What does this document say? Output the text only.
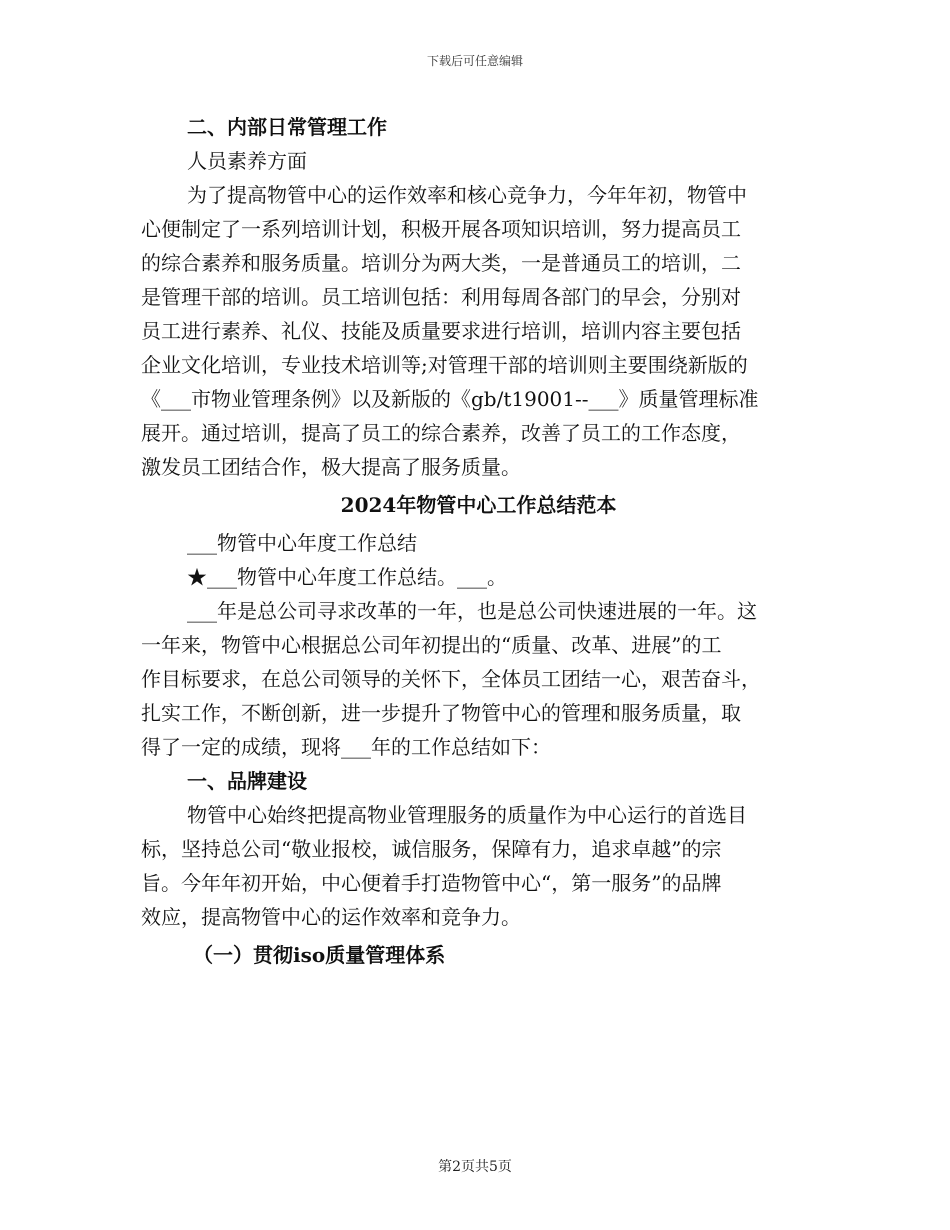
下载后可任意编辑
二、内部日常管理工作
人员素养方面
为了提高物管中心的运作效率和核心竞争力，今年年初，物管中
心便制定了一系列培训计划，积极开展各项知识培训，努力提高员工
的综合素养和服务质量。培训分为两大类，一是普通员工的培训，二
是管理干部的培训。员工培训包括：利用每周各部门的早会，分别对
员工进行素养、礼仪、技能及质量要求进行培训，培训内容主要包括
企业文化培训，专业技术培训等;对管理干部的培训则主要围绕新版的
《___市物业管理条例》以及新版的《gb/t19001--___》质量管理标准
展开。通过培训，提高了员工的综合素养，改善了员工的工作态度，
激发员工团结合作，极大提高了服务质量。
2024年物管中心工作总结范本
___物管中心年度工作总结
★___物管中心年度工作总结。___。
___年是总公司寻求改革的一年，也是总公司快速进展的一年。这
一年来，物管中心根据总公司年初提出的“质量、改革、进展”的工
作目标要求，在总公司领导的关怀下，全体员工团结一心，艰苦奋斗，
扎实工作，不断创新，进一步提升了物管中心的管理和服务质量，取
得了一定的成绩，现将___年的工作总结如下：
一、品牌建设
物管中心始终把提高物业管理服务的质量作为中心运行的首选目
标，坚持总公司“敬业报校，诚信服务，保障有力，追求卓越”的宗
旨。今年年初开始，中心便着手打造物管中心“，第一服务”的品牌
效应，提高物管中心的运作效率和竞争力。
（一）贯彻iso质量管理体系
第2页共5页
